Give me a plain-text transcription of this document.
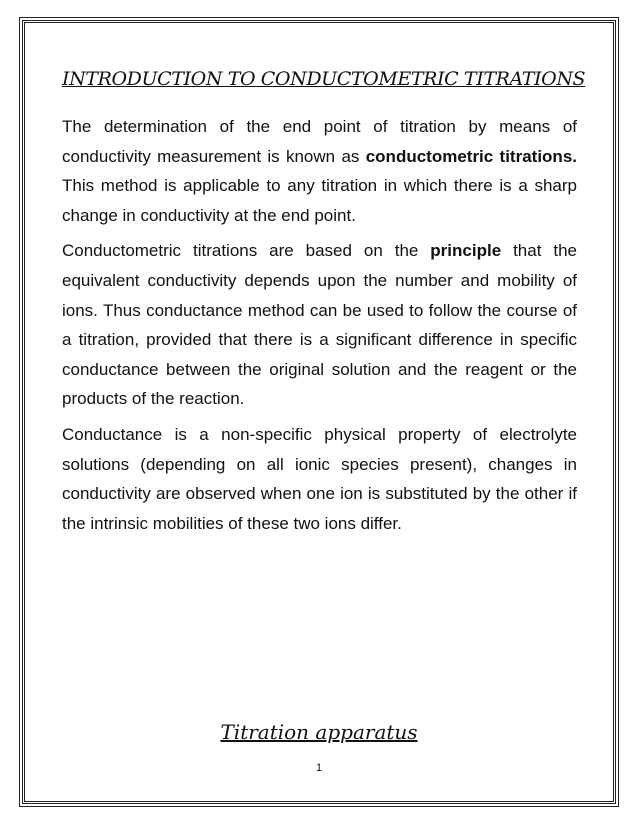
INTRODUCTION TO CONDUCTOMETRIC TITRATIONS

The determination of the end point of titration by means of conductivity measurement is known as conductometric titrations. This method is applicable to any titration in which there is a sharp change in conductivity at the end point.

Conductometric titrations are based on the principle that the equivalent conductivity depends upon the number and mobility of ions. Thus conductance method can be used to follow the course of a titration, provided that there is a significant difference in specific conductance between the original solution and the reagent or the products of the reaction.

Conductance is a non-specific physical property of electrolyte solutions (depending on all ionic species present), changes in conductivity are observed when one ion is substituted by the other if the intrinsic mobilities of these two ions differ.

Titration apparatus
1
